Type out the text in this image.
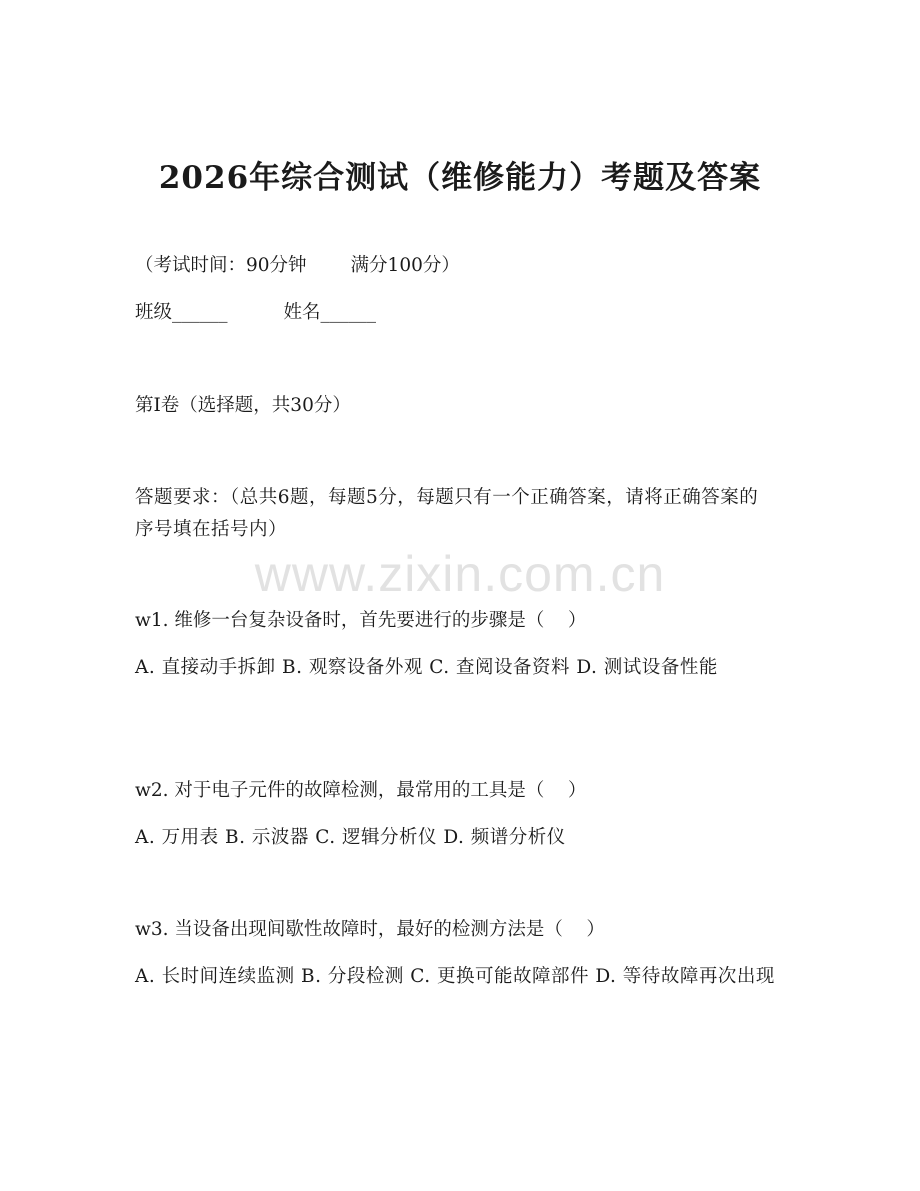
2026年综合测试（维修能力）考题及答案
（考试时间：90分钟 满分100分）
班级______	姓名______
第Ⅰ卷（选择题，共30分）
答题要求：（总共6题，每题5分，每题只有一个正确答案，请将正确答案的序号填在括号内）
w1. 维修一台复杂设备时，首先要进行的步骤是（    ）
A. 直接动手拆卸 B. 观察设备外观 C. 查阅设备资料 D. 测试设备性能
w2. 对于电子元件的故障检测，最常用的工具是（    ）
A. 万用表 B. 示波器 C. 逻辑分析仪 D. 频谱分析仪
w3. 当设备出现间歇性故障时，最好的检测方法是（    ）
A. 长时间连续监测 B. 分段检测 C. 更换可能故障部件 D. 等待故障再次出现
www.zixin.com.cn
